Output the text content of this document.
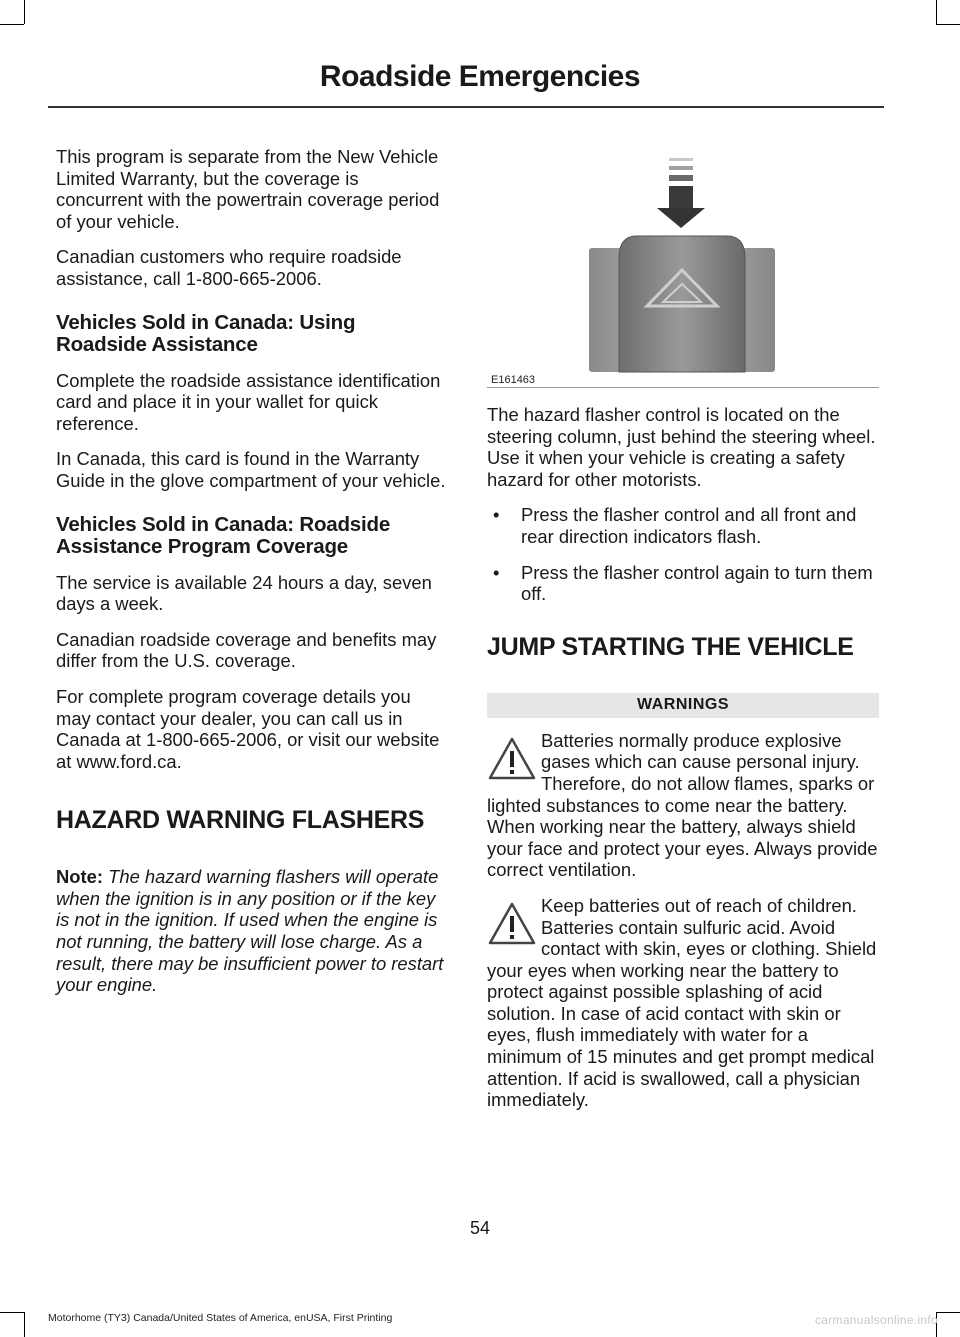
Roadside Emergencies

This program is separate from the New Vehicle Limited Warranty, but the coverage is concurrent with the powertrain coverage period of your vehicle.

Canadian customers who require roadside assistance, call 1-800-665-2006.

Vehicles Sold in Canada: Using Roadside Assistance

Complete the roadside assistance identification card and place it in your wallet for quick reference.

In Canada, this card is found in the Warranty Guide in the glove compartment of your vehicle.

Vehicles Sold in Canada: Roadside Assistance Program Coverage

The service is available 24 hours a day, seven days a week.

Canadian roadside coverage and benefits may differ from the U.S. coverage.

For complete program coverage details you may contact your dealer, you can call us in Canada at 1-800-665-2006, or visit our website at www.ford.ca.

HAZARD WARNING FLASHERS

Note: The hazard warning flashers will operate when the ignition is in any position or if the key is not in the ignition. If used when the engine is not running, the battery will lose charge. As a result, there may be insufficient power to restart your engine.

E161463

The hazard flasher control is located on the steering column, just behind the steering wheel. Use it when your vehicle is creating a safety hazard for other motorists.

• Press the flasher control and all front and rear direction indicators flash.
• Press the flasher control again to turn them off.
JUMP STARTING THE VEHICLE
WARNINGS
Batteries normally produce explosive gases which can cause personal injury. Therefore, do not allow flames, sparks or lighted substances to come near the battery. When working near the battery, always shield your face and protect your eyes. Always provide correct ventilation.
Keep batteries out of reach of children. Batteries contain sulfuric acid. Avoid contact with skin, eyes or clothing. Shield your eyes when working near the battery to protect against possible splashing of acid solution. In case of acid contact with skin or eyes, flush immediately with water for a minimum of 15 minutes and get prompt medical attention. If acid is swallowed, call a physician immediately.
54
Motorhome (TY3) Canada/United States of America, enUSA, First Printing	carmanualsonline.info
